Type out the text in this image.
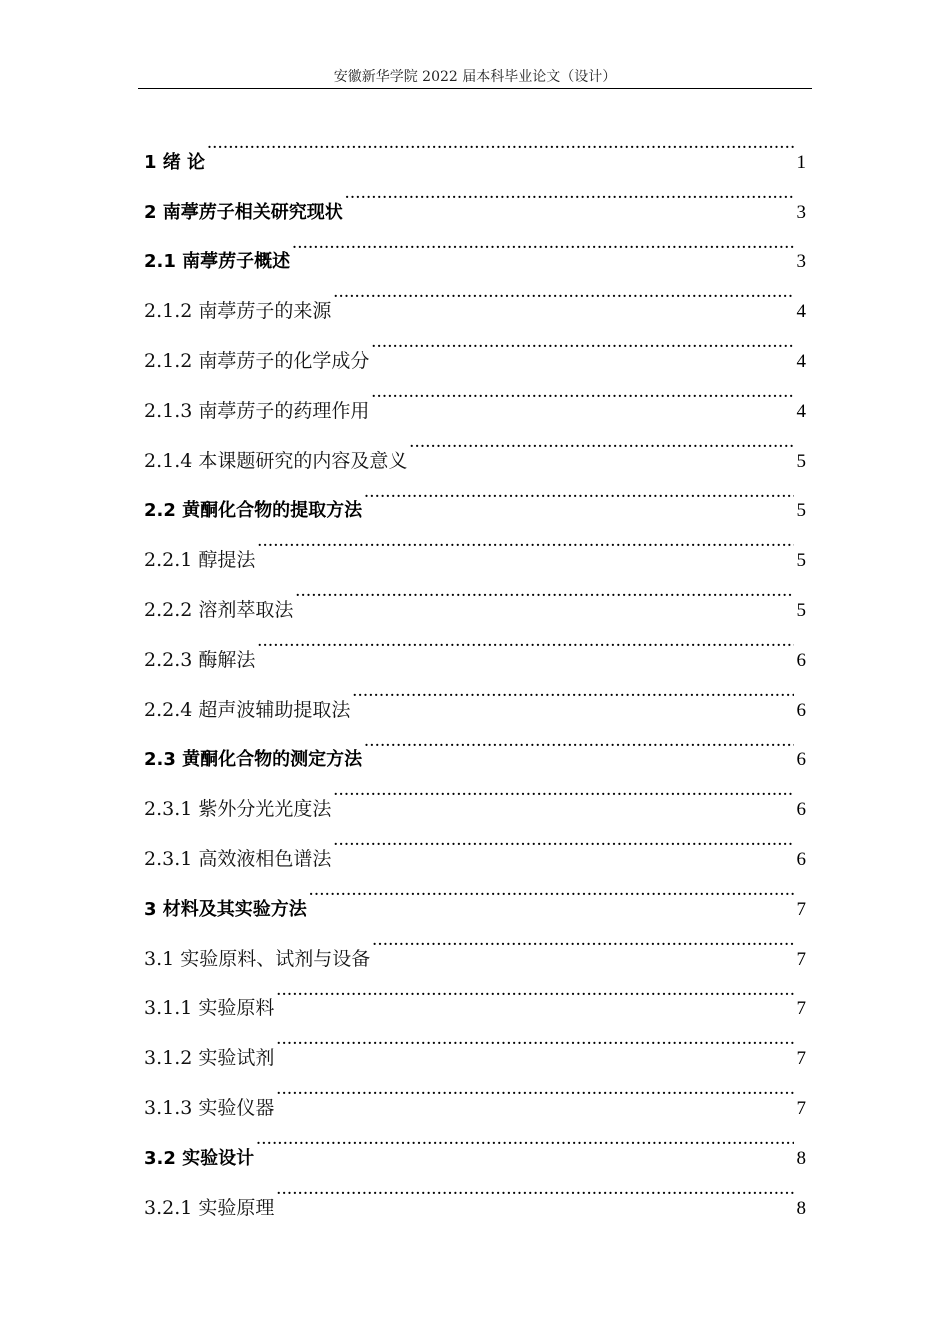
安徽新华学院 2022 届本科毕业论文（设计）
1 绪 论 .....	1
2 南葶苈子相关研究现状 .....	3
2.1 南葶苈子概述 .....	3
2.1.2 南葶苈子的来源 .....	4
2.1.2 南葶苈子的化学成分 .....	4
2.1.3 南葶苈子的药理作用 .....	4
2.1.4 本课题研究的内容及意义 .....	5
2.2 黄酮化合物的提取方法 .....	5
2.2.1 醇提法 .....	5
2.2.2 溶剂萃取法 .....	5
2.2.3 酶解法 .....	6
2.2.4 超声波辅助提取法 .....	6
2.3 黄酮化合物的测定方法 .....	6
2.3.1 紫外分光光度法 .....	6
2.3.1 高效液相色谱法 .....	6
3 材料及其实验方法 .....	7
3.1 实验原料、试剂与设备 .....	7
3.1.1 实验原料 .....	7
3.1.2 实验试剂 .....	7
3.1.3 实验仪器 .....	7
3.2 实验设计 .....	8
3.2.1 实验原理 .....	8
